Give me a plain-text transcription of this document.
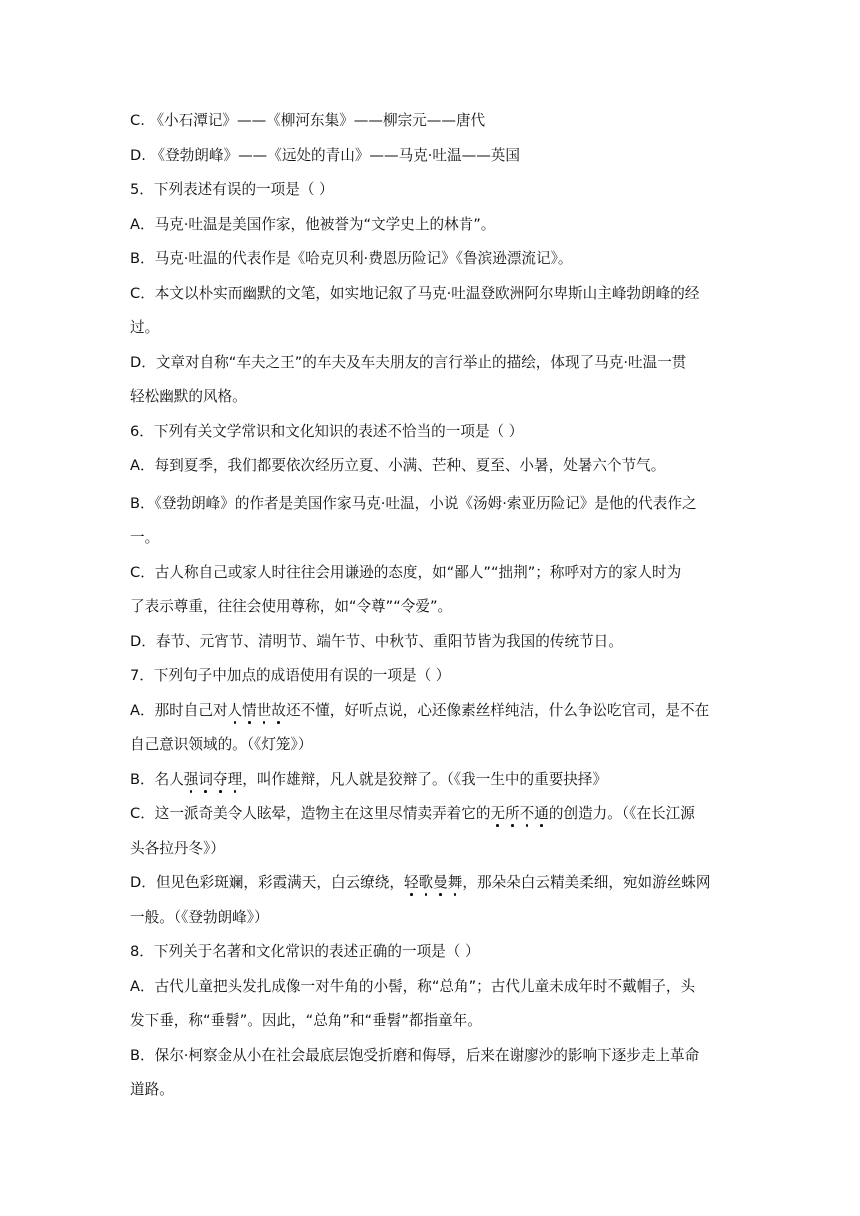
C. 《小石潭记》——《柳河东集》——柳宗元——唐代
D. 《登勃朗峰》——《远处的青山》——马克·吐温——英国
5．下列表述有误的一项是（ ）
A．马克·吐温是美国作家，他被誉为“文学史上的林肯”。
B．马克·吐温的代表作是《哈克贝利·费恩历险记》《鲁滨逊漂流记》。
C．本文以朴实而幽默的文笔，如实地记叙了马克·吐温登欧洲阿尔卑斯山主峰勃朗峰的经
过。
D．文章对自称“车夫之王”的车夫及车夫朋友的言行举止的描绘，体现了马克·吐温一贯
轻松幽默的风格。
6．下列有关文学常识和文化知识的表述不恰当的一项是（ ）
A．每到夏季，我们都要依次经历立夏、小满、芒种、夏至、小暑，处暑六个节气。
B．《登勃朗峰》的作者是美国作家马克·吐温，小说《汤姆·索亚历险记》是他的代表作之
一。
C．古人称自己或家人时往往会用谦逊的态度，如“鄙人”“拙荆”；称呼对方的家人时为
了表示尊重，往往会使用尊称，如“令尊”“令爱”。
D．春节、元宵节、清明节、端午节、中秋节、重阳节皆为我国的传统节日。
7．下列句子中加点的成语使用有误的一项是（ ）
A．那时自己对人情世故还不懂，好听点说，心还像素丝样纯洁，什么争讼吃官司，是不在
自己意识领域的。（《灯笼》）
B．名人强词夺理，叫作雄辩，凡人就是狡辩了。（《我一生中的重要抉择》
C．这一派奇美令人眩晕，造物主在这里尽情卖弄着它的无所不通的创造力。（《在长江源
头各拉丹冬》）
D．但见色彩斑斓，彩霞满天，白云缭绕，轻歌曼舞，那朵朵白云精美柔细，宛如游丝蛛网
一般。（《登勃朗峰》）
8．下列关于名著和文化常识的表述正确的一项是（ ）
A．古代儿童把头发扎成像一对牛角的小髻，称“总角”；古代儿童未成年时不戴帽子，头
发下垂，称“垂髫”。因此，“总角”和“垂髫”都指童年。
B．保尔·柯察金从小在社会最底层饱受折磨和侮辱，后来在谢廖沙的影响下逐步走上革命
道路。
